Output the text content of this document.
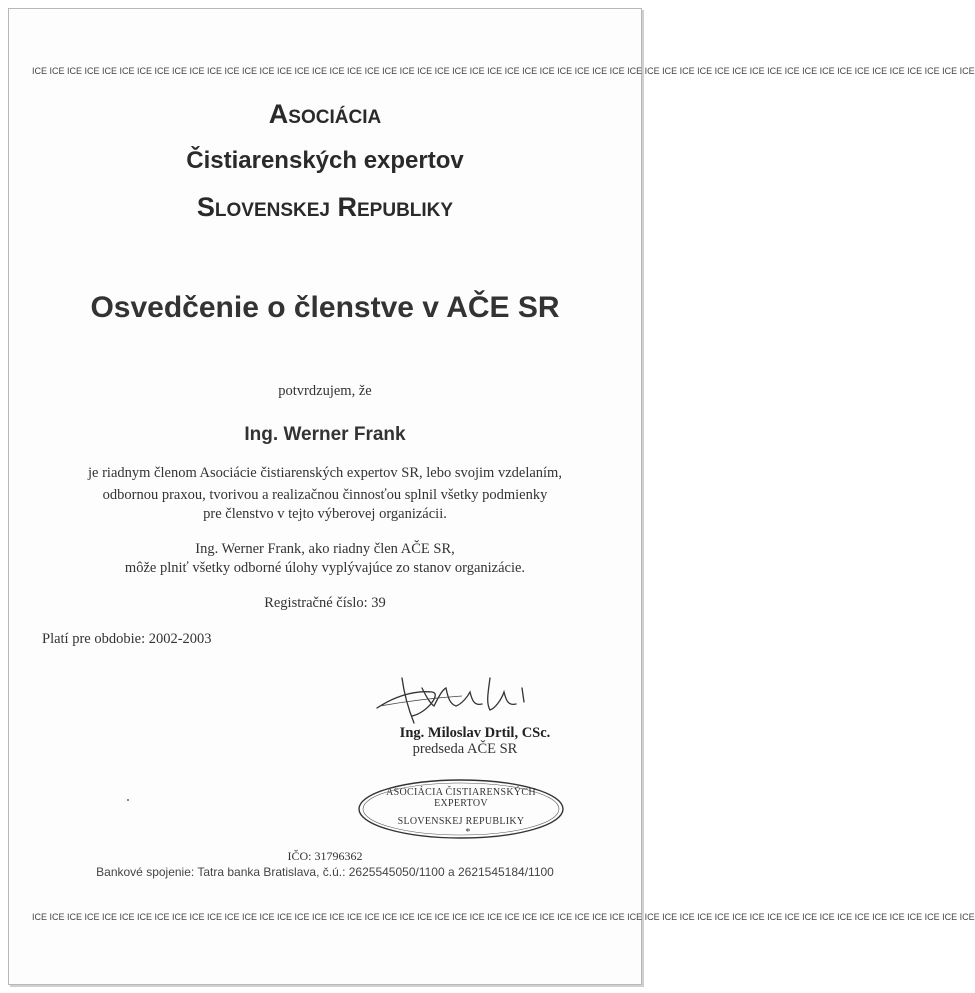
ICE ICE ICE ICE ICE ICE ICE ICE ICE ICE ICE ICE ICE ICE ICE ICE ICE ICE ICE ICE ICE ICE ICE ICE ICE ICE ICE ICE ICE ICE ICE ICE ICE ICE ICE ICE ICE ICE ICE ICE ICE ICE ICE ICE ICE ICE ICE ICE ICE ICE ICE ICE ICE ICE
Asociácia
Čistiarenských expertov
Slovenskej Republiky
Osvedčenie o členstve v AČE SR
potvrdzujem, že
Ing. Werner Frank
je riadnym členom Asociácie čistiarenských expertov SR, lebo svojim vzdelaním,
odbornou praxou, tvorivou a realizačnou činnosťou splnil všetky podmienky
pre členstvo v tejto výberovej organizácii.
Ing. Werner Frank, ako riadny člen AČE SR,
môže plniť všetky odborné úlohy vyplývajúce zo stanov organizácie.
Registračné číslo: 39
Platí pre obdobie: 2002-2003
Ing. Miloslav Drtil, CSc.
predseda AČE SR
ASOCIÁCIA ČISTIARENSKÝCH
EXPERTOV
SLOVENSKEJ REPUBLIKY
*
IČO: 31796362
Bankové spojenie: Tatra banka Bratislava, č.ú.: 2625545050/1100 a 2621545184/1100
ICE ICE ICE ICE ICE ICE ICE ICE ICE ICE ICE ICE ICE ICE ICE ICE ICE ICE ICE ICE ICE ICE ICE ICE ICE ICE ICE ICE ICE ICE ICE ICE ICE ICE ICE ICE ICE ICE ICE ICE ICE ICE ICE ICE ICE ICE ICE ICE ICE ICE ICE ICE ICE ICE
